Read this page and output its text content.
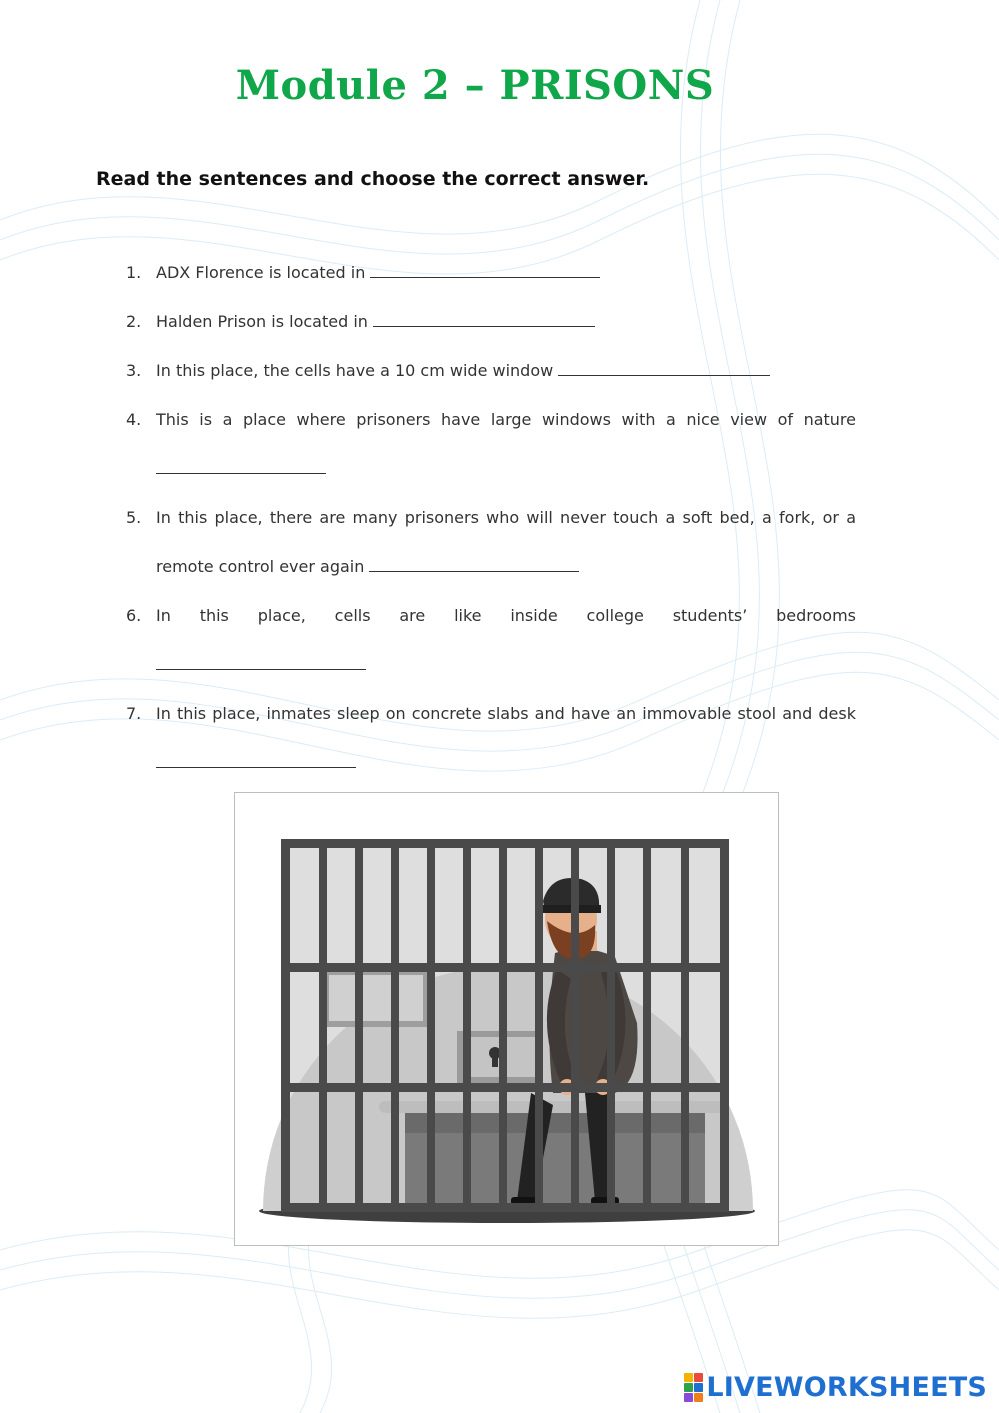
Module 2 – PRISONS
Read the sentences and choose the correct answer.
1. ADX Florence is located in
2. Halden Prison is located in
3. In this place, the cells have a 10 cm wide window
4. This is a place where prisoners have large windows with a nice view of nature
5. In this place, there are many prisoners who will never touch a soft bed, a fork, or a
remote control ever again
6. In this place, cells are like inside college students’ bedrooms
7. In this place, inmates sleep on concrete slabs and have an immovable stool and desk
LIVEWORKSHEETS
